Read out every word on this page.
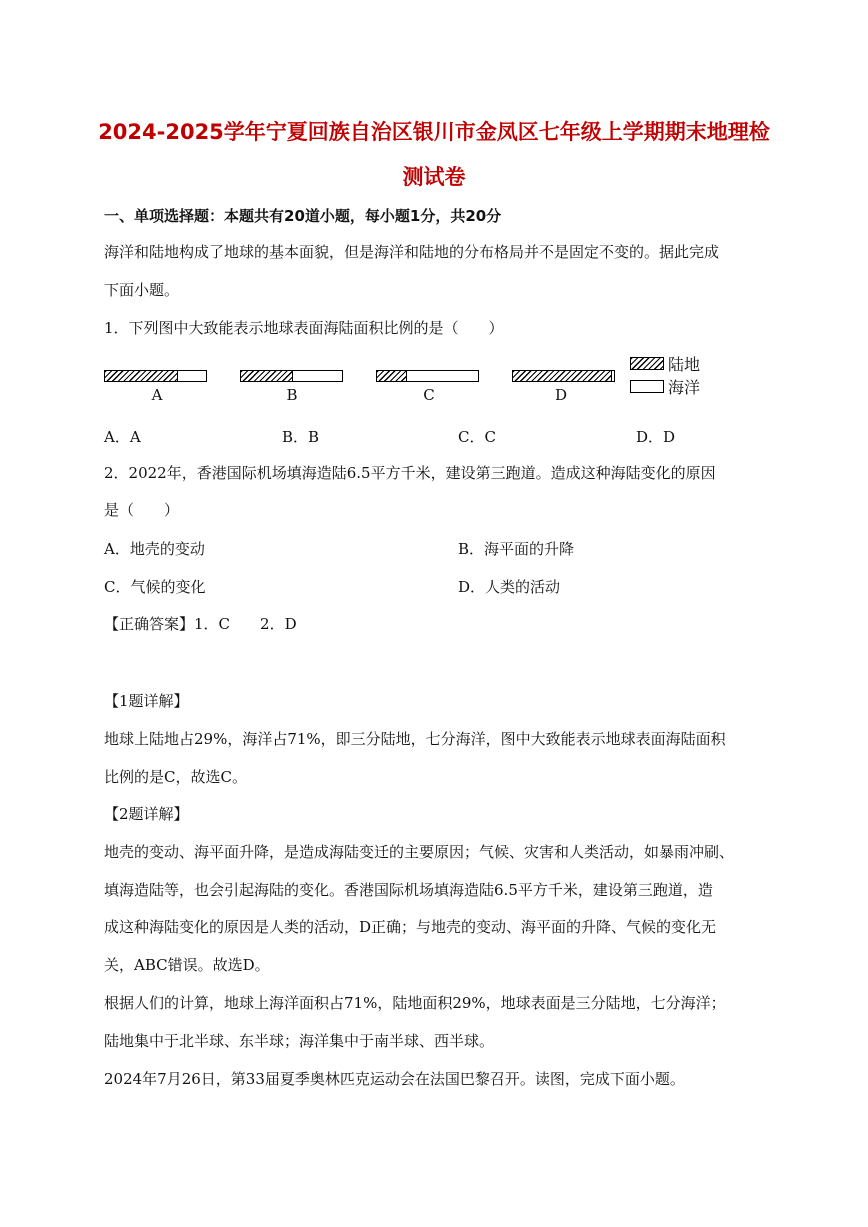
2024-2025学年宁夏回族自治区银川市金凤区七年级上学期期末地理检
测试卷
一、单项选择题：本题共有20道小题，每小题1分，共20分
海洋和陆地构成了地球的基本面貌，但是海洋和陆地的分布格局并不是固定不变的。据此完成
下面小题。
1．下列图中大致能表示地球表面海陆面积比例的是（　　）
A	B	C	D
陆地
海洋
A．A	B．B	C．C	D．D
2．2022年，香港国际机场填海造陆6.5平方千米，建设第三跑道。造成这种海陆变化的原因
是（　　）
A．地壳的变动	B．海平面的升降
C．气候的变化	D．人类的活动
【正确答案】1．C　　2．D
【1题详解】
地球上陆地占29%，海洋占71%，即三分陆地，七分海洋，图中大致能表示地球表面海陆面积
比例的是C，故选C。
【2题详解】
地壳的变动、海平面升降，是造成海陆变迁的主要原因；气候、灾害和人类活动，如暴雨冲刷、
填海造陆等，也会引起海陆的变化。香港国际机场填海造陆6.5平方千米，建设第三跑道，造
成这种海陆变化的原因是人类的活动，D正确；与地壳的变动、海平面的升降、气候的变化无
关，ABC错误。故选D。
根据人们的计算，地球上海洋面积占71%，陆地面积29%，地球表面是三分陆地，七分海洋；
陆地集中于北半球、东半球；海洋集中于南半球、西半球。
2024年7月26日，第33届夏季奥林匹克运动会在法国巴黎召开。读图，完成下面小题。
